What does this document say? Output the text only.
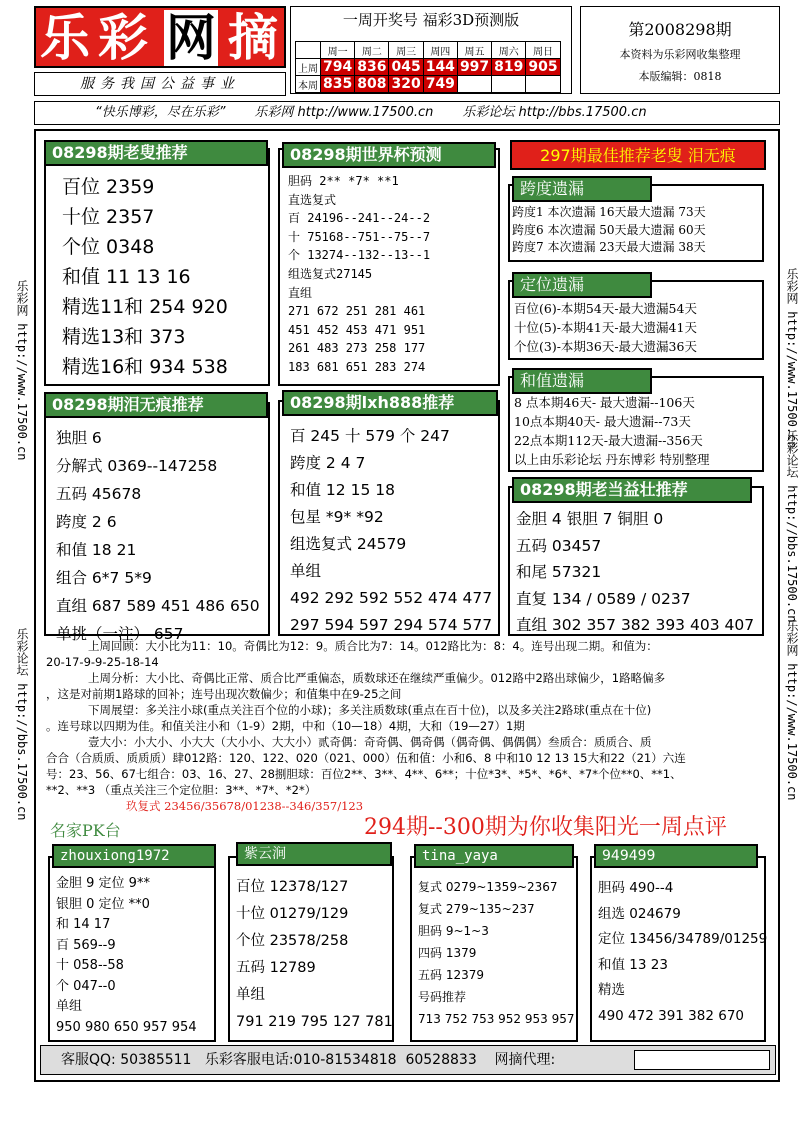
乐 彩 网 摘
服务我国公益事业
一周开奖号 福彩3D预测版
	周一	周二	周三	周四	周五	周六	周日
上周	794	836	045	144	997	819	905
本周	835	808	320	749			
第2008298期
本资料为乐彩网收集整理
本版编辑：0818
“快乐博彩，尽在乐彩”       乐彩网 http://www.17500.cn       乐彩论坛 http://bbs.17500.cn
乐彩网 http://www.17500.cn
乐彩论坛 http://bbs.17500.cn
乐彩网 http://www.17500.cn
乐彩论坛 http://bbs.17500.cn
乐彩网 http://www.17500.cn
08298期老叟推荐
百位 2359
十位 2357
个位 0348
和值 11 13 16
精选11和 254 920
精选13和 373
精选16和 934 538
08298期世界杯预测
胆码 2** *7* **1
直选复式
百 24196--241--24--2
十 75168--751--75--7
个 13274--132--13--1
组选复式27145
直组
271 672 251 281 461
451 452 453 471 951
261 483 273 258 177
183 681 651 283 274
297期最佳推荐老叟 泪无痕
跨度遗漏
跨度1 本次遗漏 16天最大遗漏 73天
跨度6 本次遗漏 50天最大遗漏 60天
跨度7 本次遗漏 23天最大遗漏 38天
定位遗漏
百位(6)-本期54天-最大遗漏54天
十位(5)-本期41天-最大遗漏41天
个位(3)-本期36天-最大遗漏36天
和值遗漏
8 点本期46天- 最大遗漏--106天
10点本期40天- 最大遗漏--73天
22点本期112天-最大遗漏--356天
以上由乐彩论坛 丹东博彩 特别整理
08298期泪无痕推荐
独胆 6
分解式 0369--147258
五码 45678
跨度 2 6
和值 18 21
组合 6*7 5*9
直组 687 589 451 486 650
单挑（一注） 657
08298期lxh888推荐
百 245 十 579 个 247
跨度 2 4 7
和值 12 15 18
包星 *9* *92
组选复式 24579
单组
492 292 592 552 474 477
297 594 597 294 574 577
08298期老当益壮推荐
金胆 4 银胆 7 铜胆 0
五码 03457
和尾 57321
直复 134 / 0589 / 0237
直组 302 357 382 393 403 407
上周回顾：大小比为11：10。奇偶比为12：9。质合比为7：14。012路比为：8：4。连号出现二期。和值为：
20-17-9-9-25-18-14
上周分析：大小比、奇偶比正常、质合比严重偏态，质数球还在继续严重偏少。012路中2路出球偏少，1路略偏多
，这是对前期1路球的回补；连号出现次数偏少；和值集中在9-25之间
下周展望：多关注小球(重点关注百个位的小球)；多关注质数球(重点在百十位)，以及多关注2路球(重点在十位)
。连号球以四期为佳。和值关注小和（1-9）2期，中和（10—18）4期，大和（19—27）1期
壹大小：小大小、小大大（大小小、大大小）贰奇偶：奇奇偶、偶奇偶（偶奇偶、偶偶偶）叁质合：质质合、质
合合（合质质、质质质）肆012路：120、122、020（021、000）伍和值：小和6、8 中和10 12 13 15大和22（21）六连
号：23、56、67七组合：03、16、27、28捌胆球：百位2**、3**、4**、6**；十位*3*、*5*、*6*、*7*个位**0、**1、
**2、**3 （重点关注三个定位胆：3**、*7*、*2*）
玖复式 23456/35678/01238--346/357/123
名家PK台	294期--300期为你收集阳光一周点评
zhouxiong1972
金胆 9 定位 9**
银胆 0 定位 **0
和 14 17
百 569--9
十 058--58
个 047--0
单组
950 980 650 957 954
紫云涧
百位 12378/127
十位 01279/129
个位 23578/258
五码 12789
单组
791 219 795 127 781
tina_yaya
复式 0279~1359~2367
复式 279~135~237
胆码 9~1~3
四码 1379
五码 12379
号码推荐
713 752 753 952 953 957
949499
胆码 490--4
组选 024679
定位 13456/34789/01259
和值 13 23
精选
490 472 391 382 670
客服QQ: 50385511   乐彩客服电话:010-81534818  60528833    网摘代理:
